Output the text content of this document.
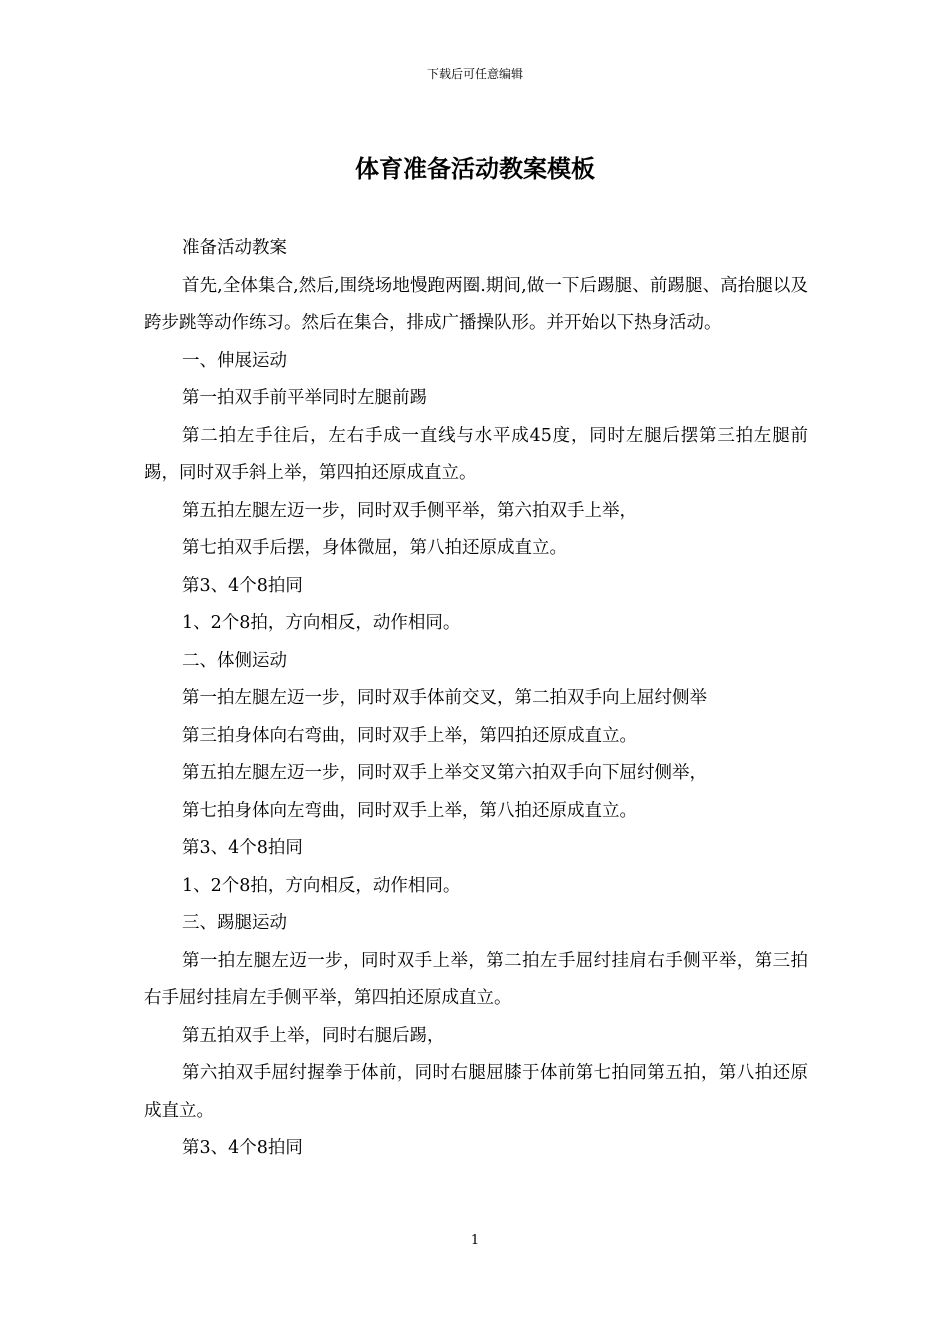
下载后可任意编辑
体育准备活动教案模板

准备活动教案

首先,全体集合,然后,围绕场地慢跑两圈.期间,做一下后踢腿、前踢腿、高抬腿以及跨步跳等动作练习。然后在集合，排成广播操队形。并开始以下热身活动。

一、伸展运动

第一拍双手前平举同时左腿前踢

第二拍左手往后，左右手成一直线与水平成45度，同时左腿后摆第三拍左腿前踢，同时双手斜上举，第四拍还原成直立。

第五拍左腿左迈一步，同时双手侧平举，第六拍双手上举，

第七拍双手后摆，身体微屈，第八拍还原成直立。

第3、4个8拍同

1、2个8拍，方向相反，动作相同。

二、体侧运动

第一拍左腿左迈一步，同时双手体前交叉，第二拍双手向上屈纣侧举

第三拍身体向右弯曲，同时双手上举，第四拍还原成直立。

第五拍左腿左迈一步，同时双手上举交叉第六拍双手向下屈纣侧举，

第七拍身体向左弯曲，同时双手上举，第八拍还原成直立。

第3、4个8拍同

1、2个8拍，方向相反，动作相同。

三、踢腿运动

第一拍左腿左迈一步，同时双手上举，第二拍左手屈纣挂肩右手侧平举，第三拍右手屈纣挂肩左手侧平举，第四拍还原成直立。

第五拍双手上举，同时右腿后踢，

第六拍双手屈纣握拳于体前，同时右腿屈膝于体前第七拍同第五拍，第八拍还原成直立。

第3、4个8拍同

1
